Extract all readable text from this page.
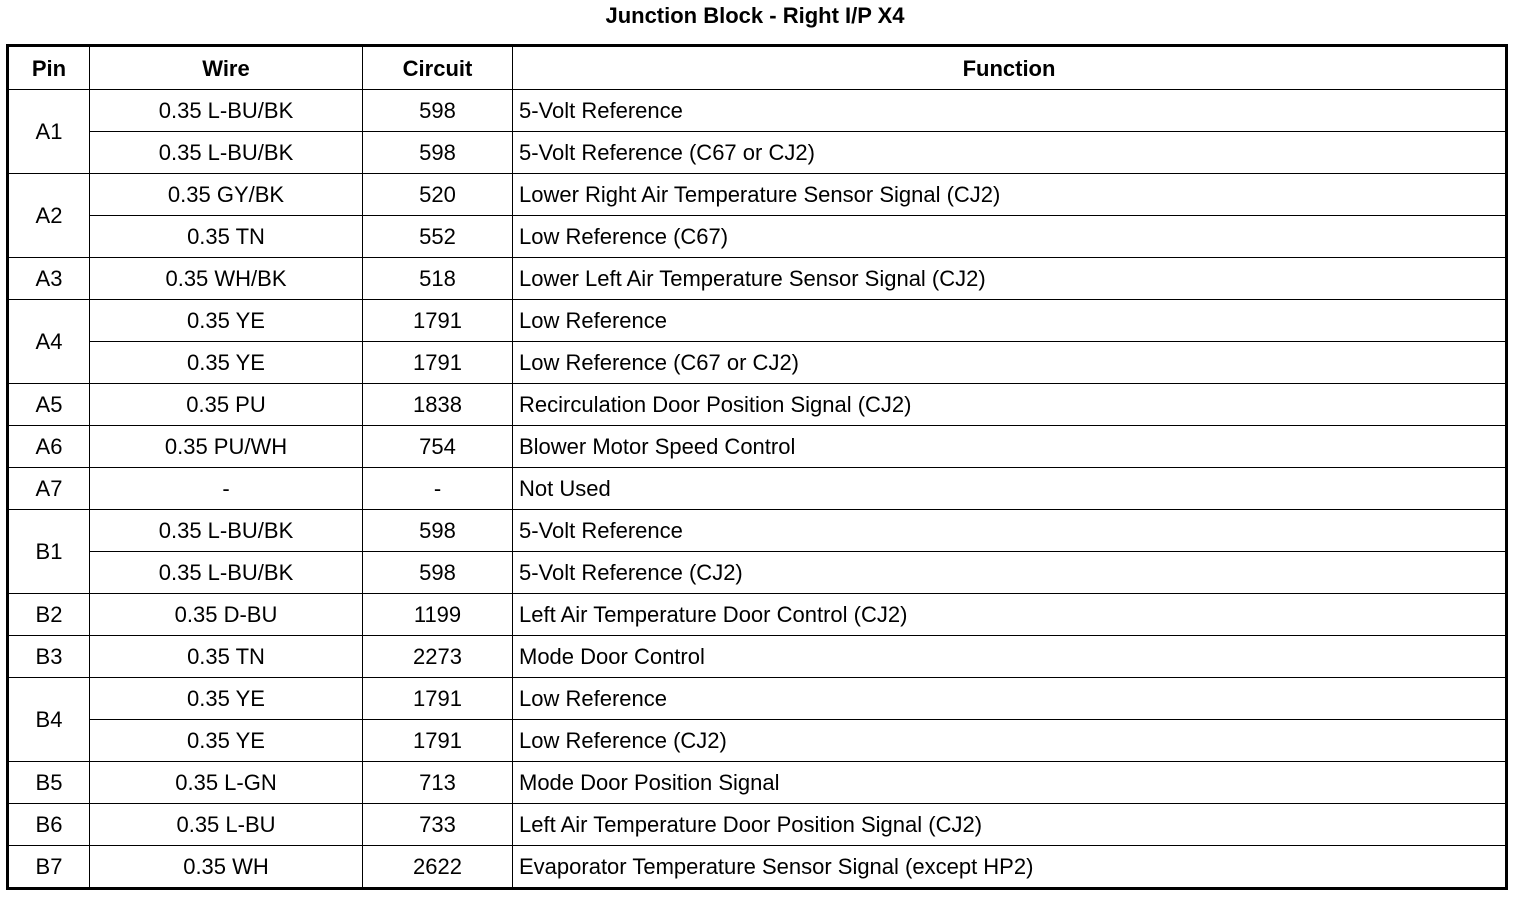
Junction Block - Right I/P X4
Pin	Wire	Circuit	Function
A1	0.35 L-BU/BK	598	5-Volt Reference
	0.35 L-BU/BK	598	5-Volt Reference (C67 or CJ2)
A2	0.35 GY/BK	520	Lower Right Air Temperature Sensor Signal (CJ2)
	0.35 TN	552	Low Reference (C67)
A3	0.35 WH/BK	518	Lower Left Air Temperature Sensor Signal (CJ2)
A4	0.35 YE	1791	Low Reference
	0.35 YE	1791	Low Reference (C67 or CJ2)
A5	0.35 PU	1838	Recirculation Door Position Signal (CJ2)
A6	0.35 PU/WH	754	Blower Motor Speed Control
A7	-	-	Not Used
B1	0.35 L-BU/BK	598	5-Volt Reference
	0.35 L-BU/BK	598	5-Volt Reference (CJ2)
B2	0.35 D-BU	1199	Left Air Temperature Door Control (CJ2)
B3	0.35 TN	2273	Mode Door Control
B4	0.35 YE	1791	Low Reference
	0.35 YE	1791	Low Reference (CJ2)
B5	0.35 L-GN	713	Mode Door Position Signal
B6	0.35 L-BU	733	Left Air Temperature Door Position Signal (CJ2)
B7	0.35 WH	2622	Evaporator Temperature Sensor Signal (except HP2)
